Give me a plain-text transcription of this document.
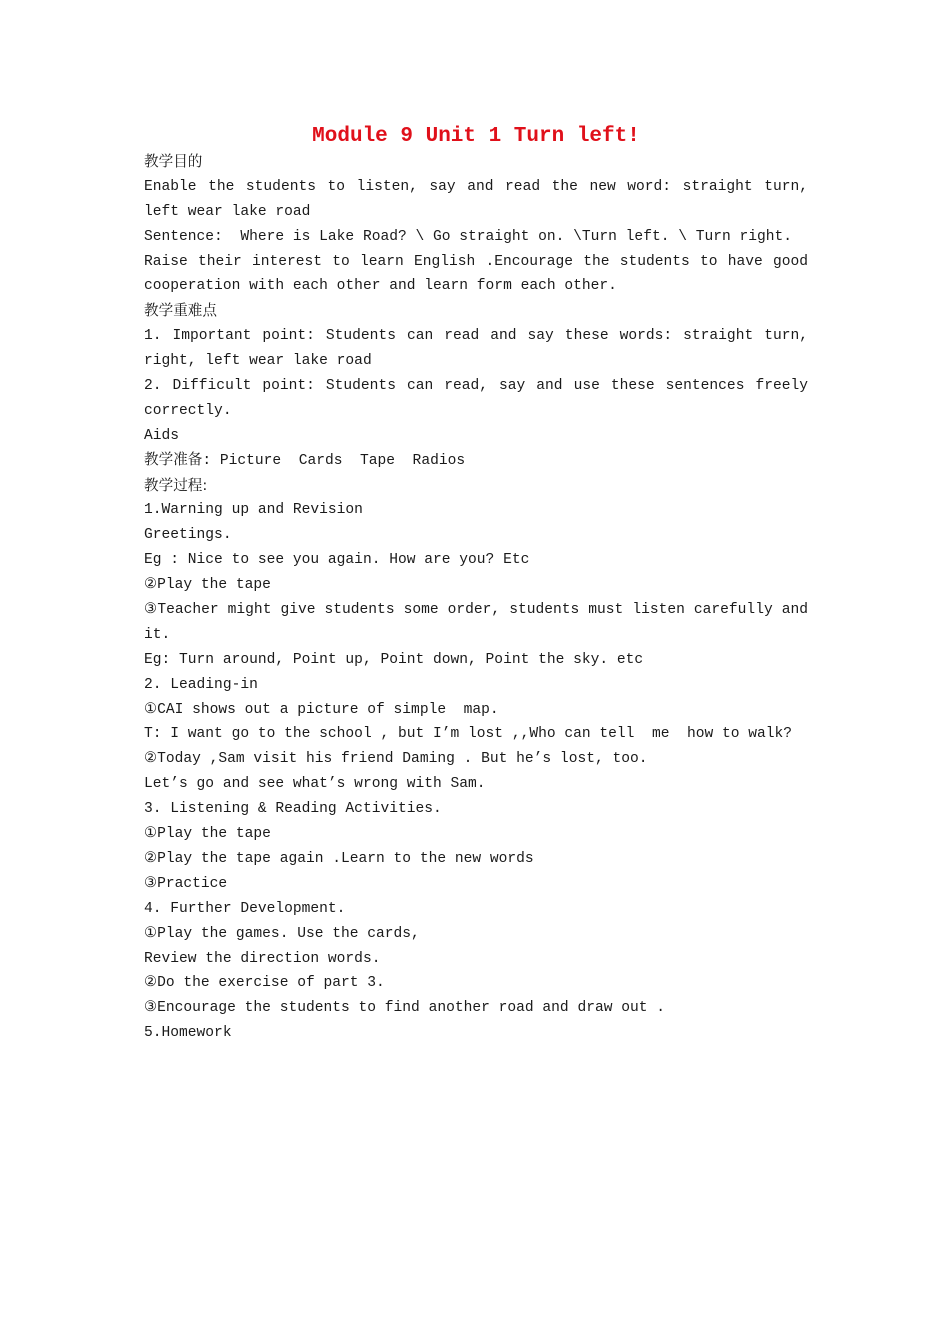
Module 9 Unit 1 Turn left!
教学目的
Enable the students to listen, say and read the new word: straight turn,
left wear lake road
Sentence:  Where is Lake Road? \ Go straight on. \Turn left. \ Turn right.
Raise their interest to learn English .Encourage the students to have good
cooperation with each other and learn form each other.
教学重难点
1. Important point: Students can read and say these words: straight turn,
right, left wear lake road
2. Difficult point: Students can read, say and use these sentences freely
correctly.
Aids
教学准备: Picture  Cards  Tape  Radios
教学过程:
1.Warning up and Revision
Greetings.
Eg : Nice to see you again. How are you? Etc
②Play the tape
③Teacher might give students some order, students must listen carefully and
it.
Eg: Turn around, Point up, Point down, Point the sky. etc
2. Leading-in
①CAI shows out a picture of simple  map.
T: I want go to the school , but I’m lost ,,Who can tell  me  how to walk?
②Today ,Sam visit his friend Daming . But he’s lost, too.
Let’s go and see what’s wrong with Sam.
3. Listening & Reading Activities.
①Play the tape
②Play the tape again .Learn to the new words
③Practice
4. Further Development.
①Play the games. Use the cards,
Review the direction words.
②Do the exercise of part 3.
③Encourage the students to find another road and draw out .
5.Homework
